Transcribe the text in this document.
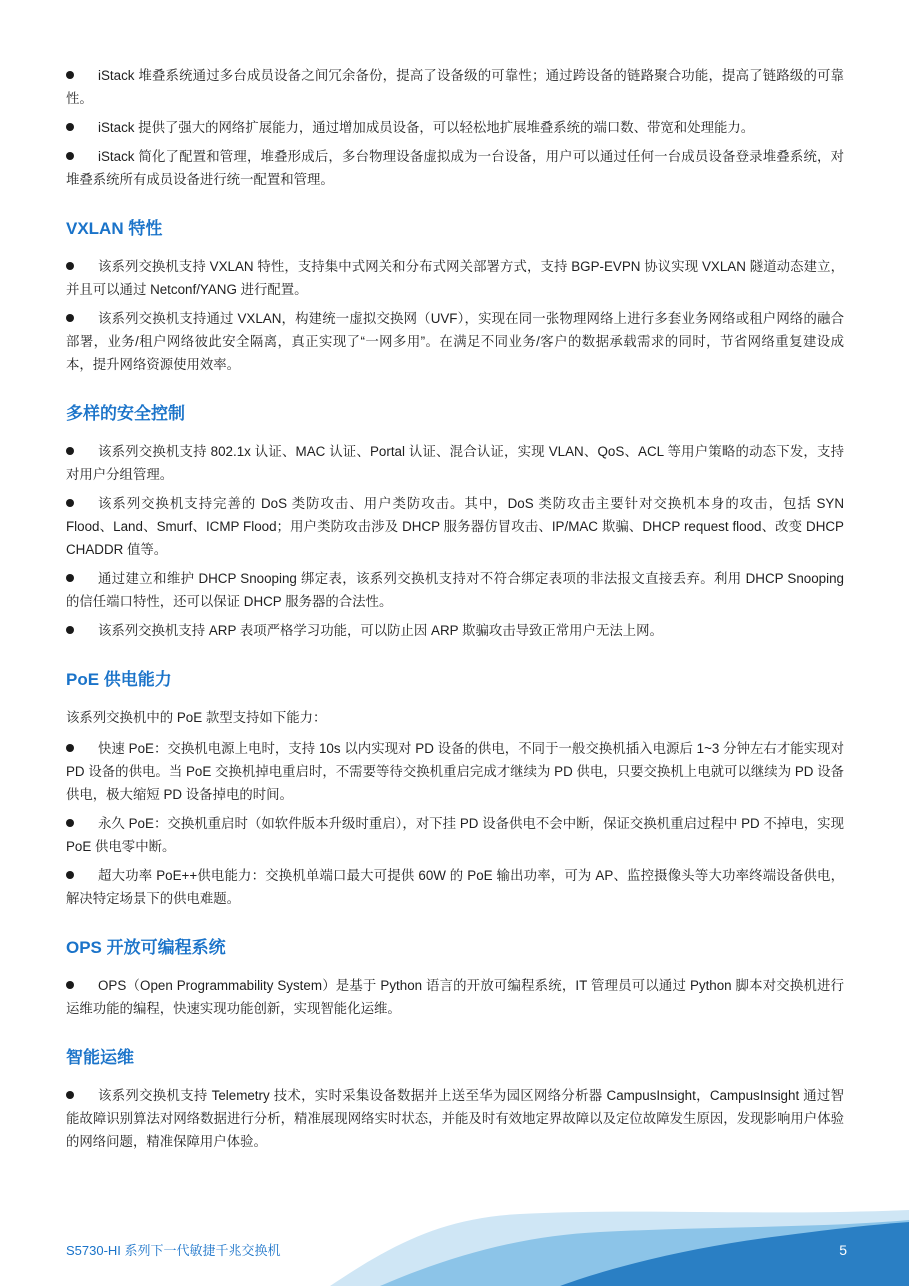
iStack 堆叠系统通过多台成员设备之间冗余备份，提高了设备级的可靠性；通过跨设备的链路聚合功能，提高了链路级的可靠性。

iStack 提供了强大的网络扩展能力，通过增加成员设备，可以轻松地扩展堆叠系统的端口数、带宽和处理能力。

iStack 简化了配置和管理，堆叠形成后，多台物理设备虚拟成为一台设备，用户可以通过任何一台成员设备登录堆叠系统，对堆叠系统所有成员设备进行统一配置和管理。

VXLAN 特性

该系列交换机支持 VXLAN 特性，支持集中式网关和分布式网关部署方式，支持 BGP-EVPN 协议实现 VXLAN 隧道动态建立，并且可以通过 Netconf/YANG 进行配置。

该系列交换机支持通过 VXLAN，构建统一虚拟交换网（UVF），实现在同一张物理网络上进行多套业务网络或租户网络的融合部署，业务/租户网络彼此安全隔离，真正实现了“一网多用”。在满足不同业务/客户的数据承载需求的同时，节省网络重复建设成本，提升网络资源使用效率。

多样的安全控制

该系列交换机支持 802.1x 认证、MAC 认证、Portal 认证、混合认证，实现 VLAN、QoS、ACL 等用户策略的动态下发，支持对用户分组管理。

该系列交换机支持完善的 DoS 类防攻击、用户类防攻击。其中，DoS 类防攻击主要针对交换机本身的攻击，包括 SYN Flood、Land、Smurf、ICMP Flood；用户类防攻击涉及 DHCP 服务器仿冒攻击、IP/MAC 欺骗、DHCP request flood、改变 DHCP CHADDR 值等。

通过建立和维护 DHCP Snooping 绑定表，该系列交换机支持对不符合绑定表项的非法报文直接丢弃。利用 DHCP Snooping 的信任端口特性，还可以保证 DHCP 服务器的合法性。

该系列交换机支持 ARP 表项严格学习功能，可以防止因 ARP 欺骗攻击导致正常用户无法上网。

PoE 供电能力

该系列交换机中的 PoE 款型支持如下能力：

快速 PoE：交换机电源上电时，支持 10s 以内实现对 PD 设备的供电，不同于一般交换机插入电源后 1~3 分钟左右才能实现对 PD 设备的供电。当 PoE 交换机掉电重启时，不需要等待交换机重启完成才继续为 PD 供电，只要交换机上电就可以继续为 PD 设备供电，极大缩短 PD 设备掉电的时间。

永久 PoE：交换机重启时（如软件版本升级时重启），对下挂 PD 设备供电不会中断，保证交换机重启过程中 PD 不掉电，实现 PoE 供电零中断。

超大功率 PoE++供电能力：交换机单端口最大可提供 60W 的 PoE 输出功率，可为 AP、监控摄像头等大功率终端设备供电，解决特定场景下的供电难题。

OPS 开放可编程系统

OPS（Open Programmability System）是基于 Python 语言的开放可编程系统，IT 管理员可以通过 Python 脚本对交换机进行运维功能的编程，快速实现功能创新，实现智能化运维。

智能运维

该系列交换机支持 Telemetry 技术，实时采集设备数据并上送至华为园区网络分析器 CampusInsight，CampusInsight 通过智能故障识别算法对网络数据进行分析，精准展现网络实时状态，并能及时有效地定界故障以及定位故障发生原因，发现影响用户体验的网络问题，精准保障用户体验。

S5730-HI 系列下一代敏捷千兆交换机	5
